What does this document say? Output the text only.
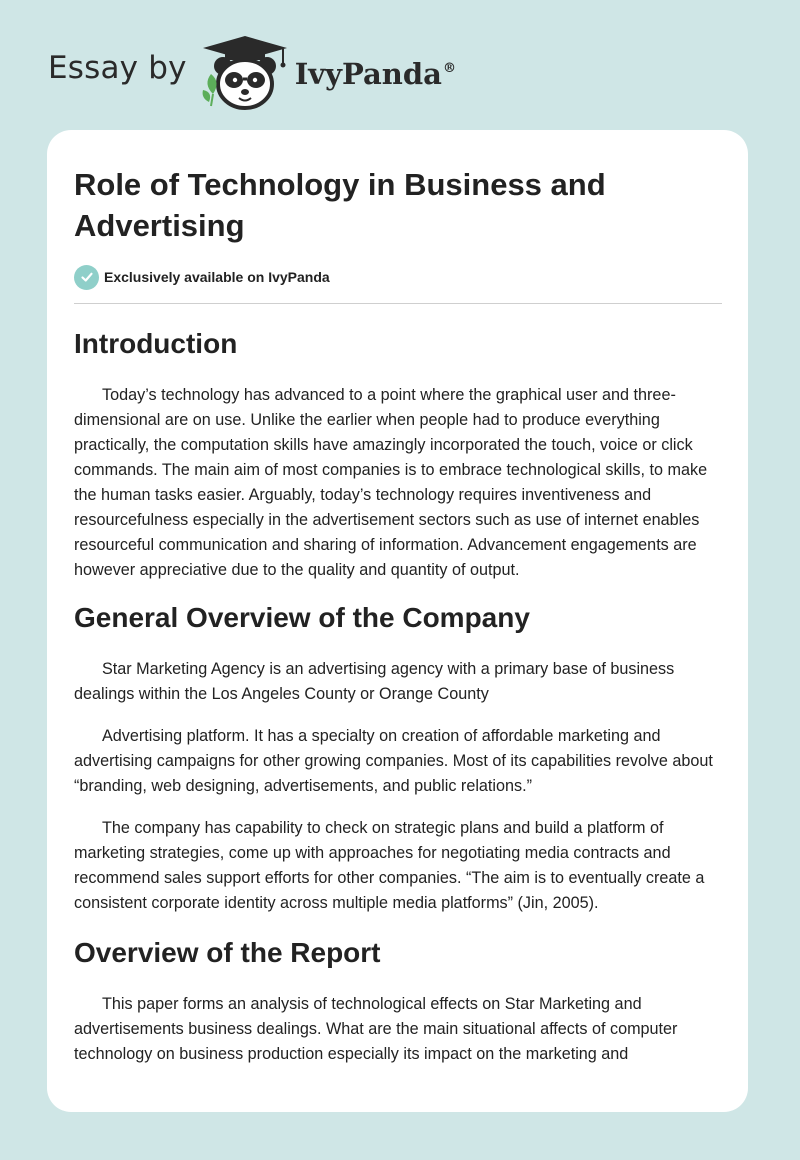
Essay by	IvyPanda®
Role of Technology in Business and Advertising
Exclusively available on IvyPanda
Introduction

Today’s technology has advanced to a point where the graphical user and three-dimensional are on use. Unlike the earlier when people had to produce everything practically, the computation skills have amazingly incorporated the touch, voice or click commands. The main aim of most companies is to embrace technological skills, to make the human tasks easier. Arguably, today’s technology requires inventiveness and resourcefulness especially in the advertisement sectors such as use of internet enables resourceful communication and sharing of information. Advancement engagements are however appreciative due to the quality and quantity of output.

General Overview of the Company

Star Marketing Agency is an advertising agency with a primary base of business dealings within the Los Angeles County or Orange County

Advertising platform. It has a specialty on creation of affordable marketing and advertising campaigns for other growing companies. Most of its capabilities revolve about “branding, web designing, advertisements, and public relations.”

The company has capability to check on strategic plans and build a platform of marketing strategies, come up with approaches for negotiating media contracts and recommend sales support efforts for other companies. “The aim is to eventually create a consistent corporate identity across multiple media platforms” (Jin, 2005).

Overview of the Report

This paper forms an analysis of technological effects on Star Marketing and advertisements business dealings. What are the main situational affects of computer technology on business production especially its impact on the marketing and
